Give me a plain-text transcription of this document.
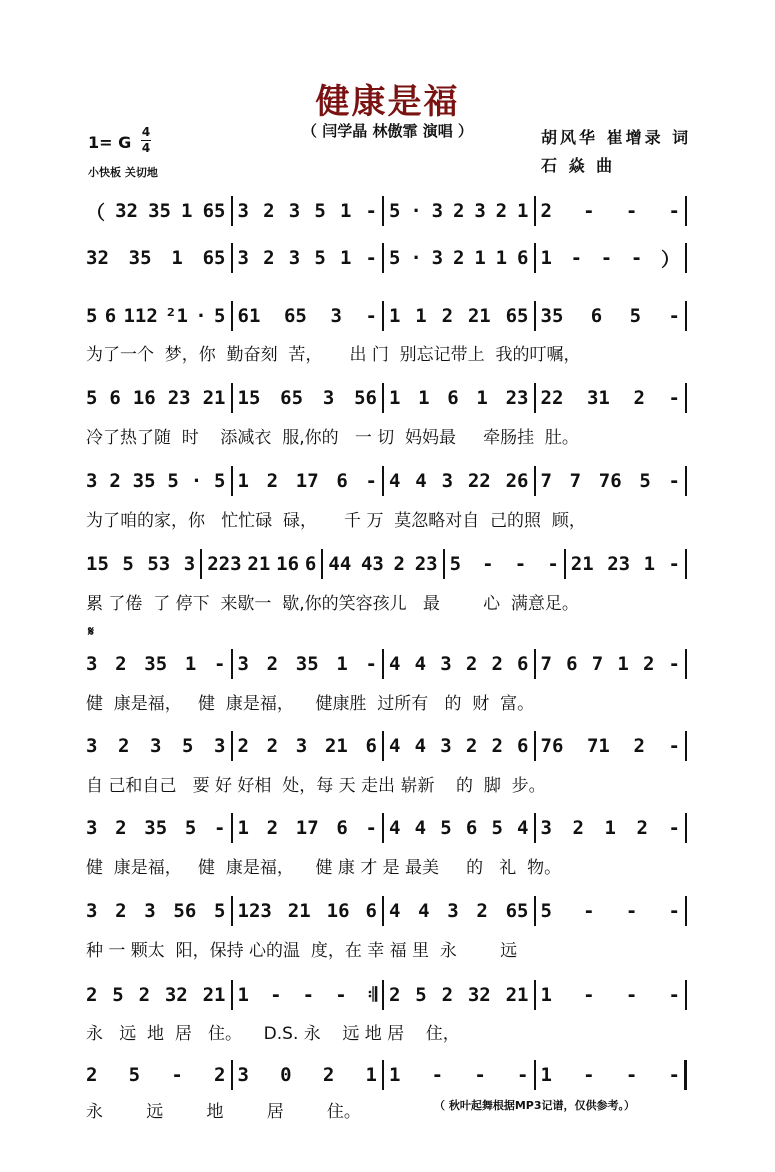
健康是福
（ 闫学晶 林傲霏 演唱 ）	胡风华 崔增录 词
石 焱 曲
1= G
4
4
小快板 关切地
𝄋
（ 32 35 1 65 3 2 3 5 1 - 5 · 3 2 3 2 1 2 - - -
32 35 1 65 3 2 3 5 1 - 5 · 3 2 1 1 6 1 - - - ）
5 6 112 ²1 · 5 61 65 3 - 1 1 2 21 65 35 6 5 -
为了一个  梦，你  勤奋刻  苦，     出 门  别忘记带上  我的叮嘱，
5 6 16 23 21 15 65 3 56 1 1 6 1 23 22 31 2 -
冷了热了随  时    添减衣  服,你的   一 切  妈妈最     牵肠挂  肚。
3 2 35 5 · 5 1 2 17 6 - 4 4 3 22 26 7 7 76 5 -
为了咱的家，你   忙忙碌  碌，     千 万  莫忽略对自  己的照  顾，
15 5 53 3 223 21 16 6 44 43 2 23 5 - - - 21 23 1 -
累 了倦  了 停下  来歇一  歇,你的笑容孩儿   最        心  满意足。
3 2 35 1 - 3 2 35 1 - 4 4 3 2 2 6 7 6 7 1 2 -
健  康是福，   健  康是福，    健康胜  过所有   的  财  富。
3 2 3 5 3 2 2 3 21 6 4 4 3 2 2 6 76 71 2 -
自 己和自己   要 好 好相  处，每 天 走出 崭新    的  脚  步。
3 2 35 5 - 1 2 17 6 - 4 4 5 6 5 4 3 2 1 2 -
健  康是福，   健  康是福，    健 康 才 是 最美     的   礼  物。
3 2 3 56 5 123 21 16 6 4 4 3 2 65 5 - - -
种 一 颗太  阳，保持 心的温  度，在 幸 福 里  永        远
2 5 2 32 21 1 - - - 𝄇 2 5 2 32 21 1 - - -
永   远  地  居   住。    D.S. 永    远 地 居    住，
2 5 - 2 3 0 2 1 1 - - - 1 - - -
永        远        地        居        住。	（ 秋叶起舞根据MP3记谱，仅供参考。）
